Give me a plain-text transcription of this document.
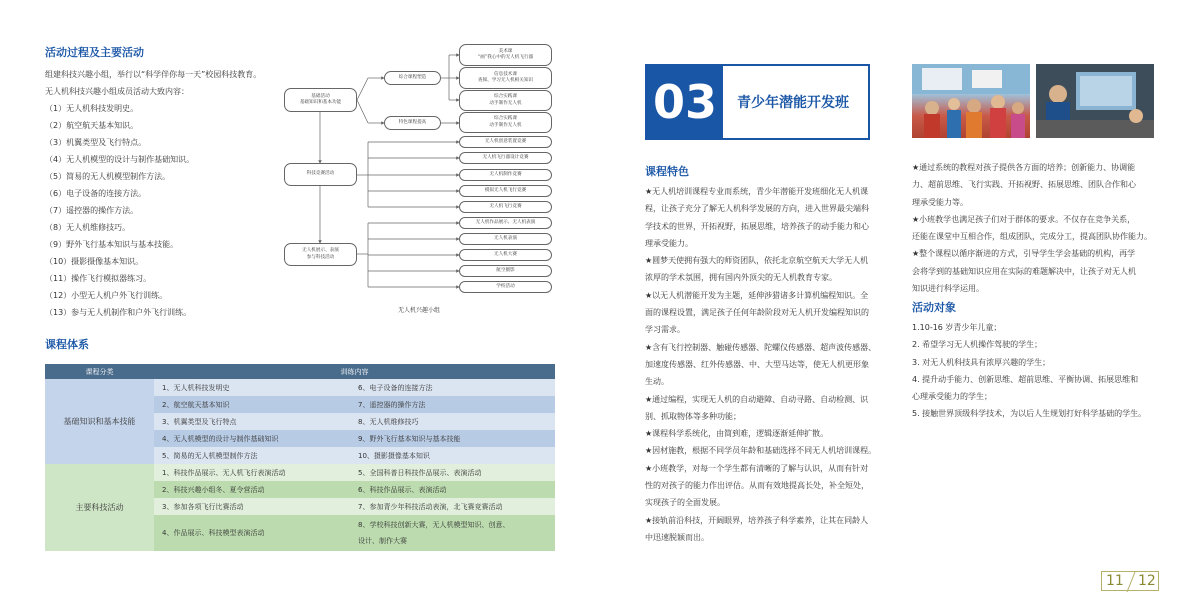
活动过程及主要活动
组建科技兴趣小组，举行以“科学伴你每一天”校园科技教育。
无人机科技兴趣小组成员活动大致内容：
（1）无人机科技发明史。
（2）航空航天基本知识。
（3）机翼类型及飞行特点。
（4）无人机模型的设计与制作基础知识。
（5）简易的无人机模型制作方法。
（6）电子设备的连接方法。
（7）遥控器的操作方法。
（8）无人机维修技巧。
（9）野外飞行基本知识与基本技能。
（10）摄影摄像基本知识。
（11）操作飞行模拟器练习。
（12）小型无人机户外飞行训练。
（13）参与无人机制作和户外飞行训练。
基础活动
基础知识和基本功能
综合课程塑造
特色课程提高
美术课
“画”我心中的无人机飞行器
信息技术课
查阅、学习无人机相关知识
综合实践课
动手制作无人机
综合实践课
动手制作无人机
科技竞赛活动
无人机创意装置竞赛
无人机飞行器设计竞赛
无人机制作竞赛
模拟无人机飞行竞赛
无人机飞行竞赛
无人机展示、表演
参与科技活动
无人机作品展示、无人机表演
无人机表演
无人机大赛
航空摄影
学校活动
无人机兴趣小组
课程体系
课程分类	训练内容	
基础知识和基本技能	1、无人机科技发明史	6、电子设备的连接方法
	2、航空航天基本知识	7、遥控器的操作方法
	3、机翼类型及飞行特点	8、无人机维修技巧
	4、无人机模型的设计与制作基础知识	9、野外飞行基本知识与基本技能
	5、简易的无人机模型制作方法	10、摄影摄像基本知识
主要科技活动	1、科技作品展示、无人机飞行表演活动	5、全国科普日科技作品展示、表演活动
	2、科技兴趣小组冬、夏令营活动	6、科技作品展示、表演活动
	3、参加各项飞行比赛活动	7、参加青少年科技活动表演，北飞赛竞赛活动
	4、作品展示、科技模型表演活动	8、学校科技创新大赛，无人机模型知识、创意、
设计、制作大赛
03	青少年潜能开发班
课程特色
★无人机培训课程专业而系统，青少年潜能开发班细化无人机课
程，让孩子充分了解无人机科学发展的方向，进入世界最尖端科
学技术的世界，开拓视野，拓展思维，培养孩子的动手能力和心
理承受能力。
★圆梦天使拥有强大的师资团队，依托北京航空航天大学无人机
浓厚的学术氛围，拥有国内外顶尖的无人机教育专家。
★以无人机潜能开发为主题，延伸涉猎诸多计算机编程知识。全
面的课程设置，满足孩子任何年龄阶段对无人机开发编程知识的
学习需求。
★含有飞行控制器、触碰传感器、陀螺仪传感器、超声波传感器、
加速度传感器、红外传感器、中、大型马达等，使无人机更形象
生动。
★通过编程，实现无人机的自动避障、自动寻路、自动检测、识
别、抓取物体等多种功能；
★课程科学系统化，由简到难，逻辑逐渐延伸扩散。
★因材施教，根据不同学员年龄和基础选择不同无人机培训课程。
★小班教学，对每一个学生都有清晰的了解与认识，从而有针对
性的对孩子的能力作出评估。从而有效地提高长处，补全短处，
实现孩子的全面发展。
★接轨前沿科技，开阔眼界，培养孩子科学素养，让其在同龄人
中迅速脱颖而出。
★通过系统的教程对孩子提供各方面的培养；创新能力、协调能
力、超前思维、飞行实践、开拓视野、拓展思维、团队合作和心
理承受能力等。
★小班教学也满足孩子们对于群体的要求。不仅存在竞争关系，
还能在课堂中互相合作，组成团队，完成分工，提高团队协作能力。
★整个课程以循序渐进的方式，引导学生学会基础的机构，再学
会将学到的基础知识应用在实际的难题解决中，让孩子对无人机
知识进行科学运用。
活动对象
1.10-16 岁青少年儿童；
2. 希望学习无人机操作驾驶的学生；
3. 对无人机科技具有浓厚兴趣的学生；
4. 提升动手能力、创新思维、超前思维、平衡协调、拓展思维和
心理承受能力的学生；
5. 接触世界顶级科学技术，为以后人生规划打好科学基础的学生。
11 12
